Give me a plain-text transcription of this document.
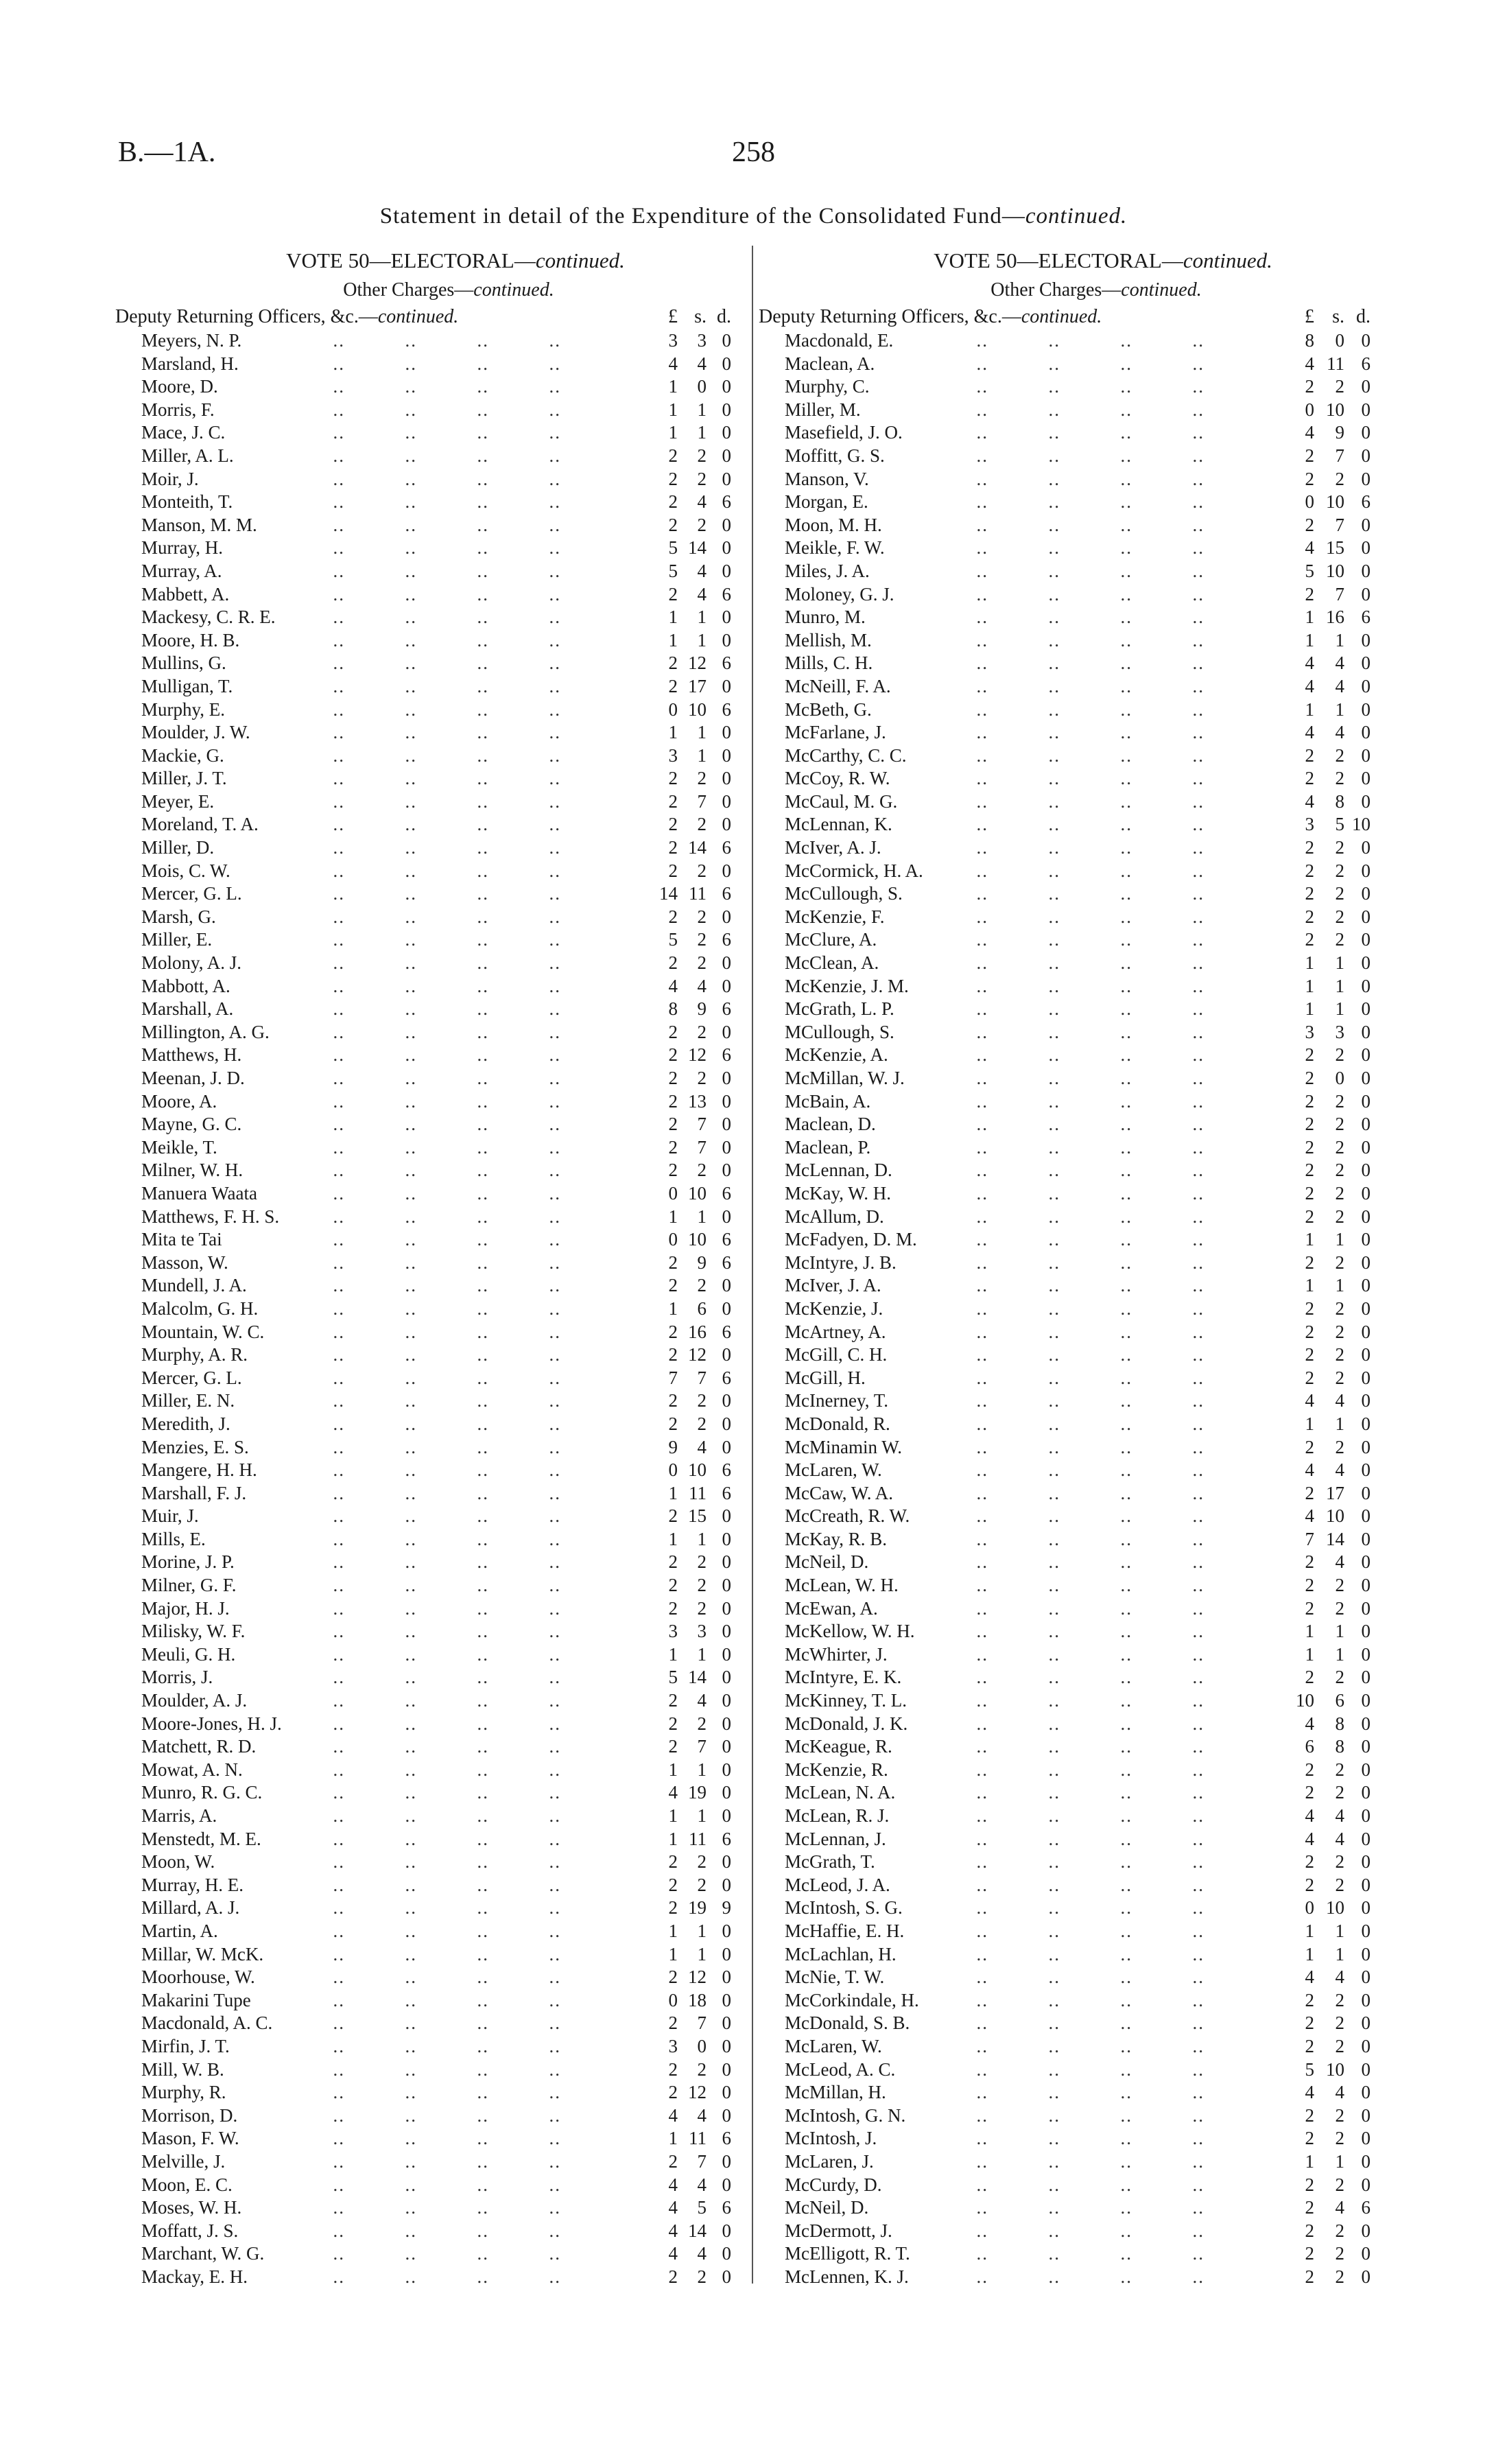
B.—1A.	258
Statement in detail of the Expenditure of the Consolidated Fund—continued.
VOTE 50—ELECTORAL—continued.
Other Charges—continued.
Deputy Returning Officers, &c.—continued.	£ s. d.
..
Meyers, N. P.	3	3 0
..
Marsland, H.	4	4 0
..
Moore, D.	1	0 0
..
Morris, F.	1	1 0
..
Mace, J. C.	1	1 0
..
Miller, A. L.	2	2 0
..
Moir, J.	2	2 0
..
Monteith, T.	2	4 6
..
Manson, M. M.	2	2 0
..
Murray, H.	5 14 0
..
Murray, A.	5	4 0
..
Mabbett, A.	2	4 6
..
Mackesy, C. R. E.	1	1 0
..
Moore, H. B.	1	1 0
..
Mullins, G.	2 12 6
..
Mulligan, T.	2 17 0
..
Murphy, E.	0 10 6
..
Moulder, J. W.	1	1 0
..
Mackie, G.	3	1 0
..
Miller, J. T.	2	2 0
..
Meyer, E.	2	7 0
..
Moreland, T. A.	2	2 0
..
Miller, D.	2 14 6
..
Mois, C. W.	2	2 0
..
Mercer, G. L.	14 11 6
..
Marsh, G.	2	2 0
..
Miller, E.	5	2 6
..
Molony, A. J.	2	2 0
..
Mabbott, A.	4	4 0
..
Marshall, A.	8	9 6
..
Millington, A. G.	2	2 0
..
Matthews, H.	2 12 6
..
Meenan, J. D.	2	2 0
..
Moore, A.	2 13 0
..
Mayne, G. C.	2	7 0
..
Meikle, T.	2	7 0
..
Milner, W. H.	2	2 0
..
Manuera Waata	0 10 6
..
Matthews, F. H. S.	1	1 0
..
Mita te Tai	0 10 6
..
Masson, W.	2	9 6
..
Mundell, J. A.	2	2 0
..
Malcolm, G. H.	1	6 0
..
Mountain, W. C.	2 16 6
..
Murphy, A. R.	2 12 0
..
Mercer, G. L.	7	7 6
..
Miller, E. N.	2	2 0
..
Meredith, J.	2	2 0
..
Menzies, E. S.	9	4 0
..
Mangere, H. H.	0 10 6
..
Marshall, F. J.	1 11 6
..
Muir, J.	2 15 0
..
Mills, E.	1	1 0
..
Morine, J. P.	2	2 0
..
Milner, G. F.	2	2 0
..
Major, H. J.	2	2 0
..
Milisky, W. F.	3	3 0
..
Meuli, G. H.	1	1 0
..
Morris, J.	5 14 0
..
Moulder, A. J.	2	4 0
..
Moore-Jones, H. J.	2	2 0
..
Matchett, R. D.	2	7 0
..
Mowat, A. N.	1	1 0
..
Munro, R. G. C.	4 19 0
..
Marris, A.	1	1 0
..
Menstedt, M. E.	1 11 6
..
Moon, W.	2	2 0
..
Murray, H. E.	2	2 0
..
Millard, A. J.	2 19 9
..
Martin, A.	1	1 0
..
Millar, W. McK.	1	1 0
..
Moorhouse, W.	2 12 0
..
Makarini Tupe	0 18 0
..
Macdonald, A. C.	2	7 0
..
Mirfin, J. T.	3	0 0
..
Mill, W. B.	2	2 0
..
Murphy, R.	2 12 0
..
Morrison, D.	4	4 0
..
Mason, F. W.	1 11 6
..
Melville, J.	2	7 0
..
Moon, E. C.	4	4 0
..
Moses, W. H.	4	5 6
..
Moffatt, J. S.	4 14 0
..
Marchant, W. G.	4	4 0
..
Mackay, E. H.	2	2 0
VOTE 50—ELECTORAL—continued.
Other Charges—continued.
Deputy Returning Officers, &c.—continued.	£ s. d.
..
Macdonald, E.	8	0 0
..
Maclean, A.	4 11 6
..
Murphy, C.	2	2 0
..
Miller, M.	0 10 0
..
Masefield, J. O.	4	9 0
..
Moffitt, G. S.	2	7 0
..
Manson, V.	2	2 0
..
Morgan, E.	0 10 6
..
Moon, M. H.	2	7 0
..
Meikle, F. W.	4 15 0
..
Miles, J. A.	5 10 0
..
Moloney, G. J.	2	7 0
..
Munro, M.	1 16 6
..
Mellish, M.	1	1 0
..
Mills, C. H.	4	4 0
..
McNeill, F. A.	4	4 0
..
McBeth, G.	1	1 0
..
McFarlane, J.	4	4 0
..
McCarthy, C. C.	2	2 0
..
McCoy, R. W.	2	2 0
..
McCaul, M. G.	4	8 0
..
McLennan, K.	3	5 10
..
McIver, A. J.	2	2 0
..
McCormick, H. A.	2	2 0
..
McCullough, S.	2	2 0
..
McKenzie, F.	2	2 0
..
McClure, A.	2	2 0
..
McClean, A.	1	1 0
..
McKenzie, J. M.	1	1 0
..
McGrath, L. P.	1	1 0
..
MCullough, S.	3	3 0
..
McKenzie, A.	2	2 0
..
McMillan, W. J.	2	0 0
..
McBain, A.	2	2 0
..
Maclean, D.	2	2 0
..
Maclean, P.	2	2 0
..
McLennan, D.	2	2 0
..
McKay, W. H.	2	2 0
..
McAllum, D.	2	2 0
..
McFadyen, D. M.	1	1 0
..
McIntyre, J. B.	2	2 0
..
McIver, J. A.	1	1 0
..
McKenzie, J.	2	2 0
..
McArtney, A.	2	2 0
..
McGill, C. H.	2	2 0
..
McGill, H.	2	2 0
..
McInerney, T.	4	4 0
..
McDonald, R.	1	1 0
..
McMinamin W.	2	2 0
..
McLaren, W.	4	4 0
..
McCaw, W. A.	2 17 0
..
McCreath, R. W.	4 10 0
..
McKay, R. B.	7 14 0
..
McNeil, D.	2	4 0
..
McLean, W. H.	2	2 0
..
McEwan, A.	2	2 0
..
McKellow, W. H.	1	1 0
..
McWhirter, J.	1	1 0
..
McIntyre, E. K.	2	2 0
..
McKinney, T. L.	10	6 0
..
McDonald, J. K.	4	8 0
..
McKeague, R.	6	8 0
..
McKenzie, R.	2	2 0
..
McLean, N. A.	2	2 0
..
McLean, R. J.	4	4 0
..
McLennan, J.	4	4 0
..
McGrath, T.	2	2 0
..
McLeod, J. A.	2	2 0
..
McIntosh, S. G.	0 10 0
..
McHaffie, E. H.	1	1 0
..
McLachlan, H.	1	1 0
..
McNie, T. W.	4	4 0
..
McCorkindale, H.	2	2 0
..
McDonald, S. B.	2	2 0
..
McLaren, W.	2	2 0
..
McLeod, A. C.	5 10 0
..
McMillan, H.	4	4 0
..
McIntosh, G. N.	2	2 0
..
McIntosh, J.	2	2 0
..
McLaren, J.	1	1 0
..
McCurdy, D.	2	2 0
..
McNeil, D.	2	4 6
..
McDermott, J.	2	2 0
..
McElligott, R. T.	2	2 0
..
McLennen, K. J.	2	2 0
